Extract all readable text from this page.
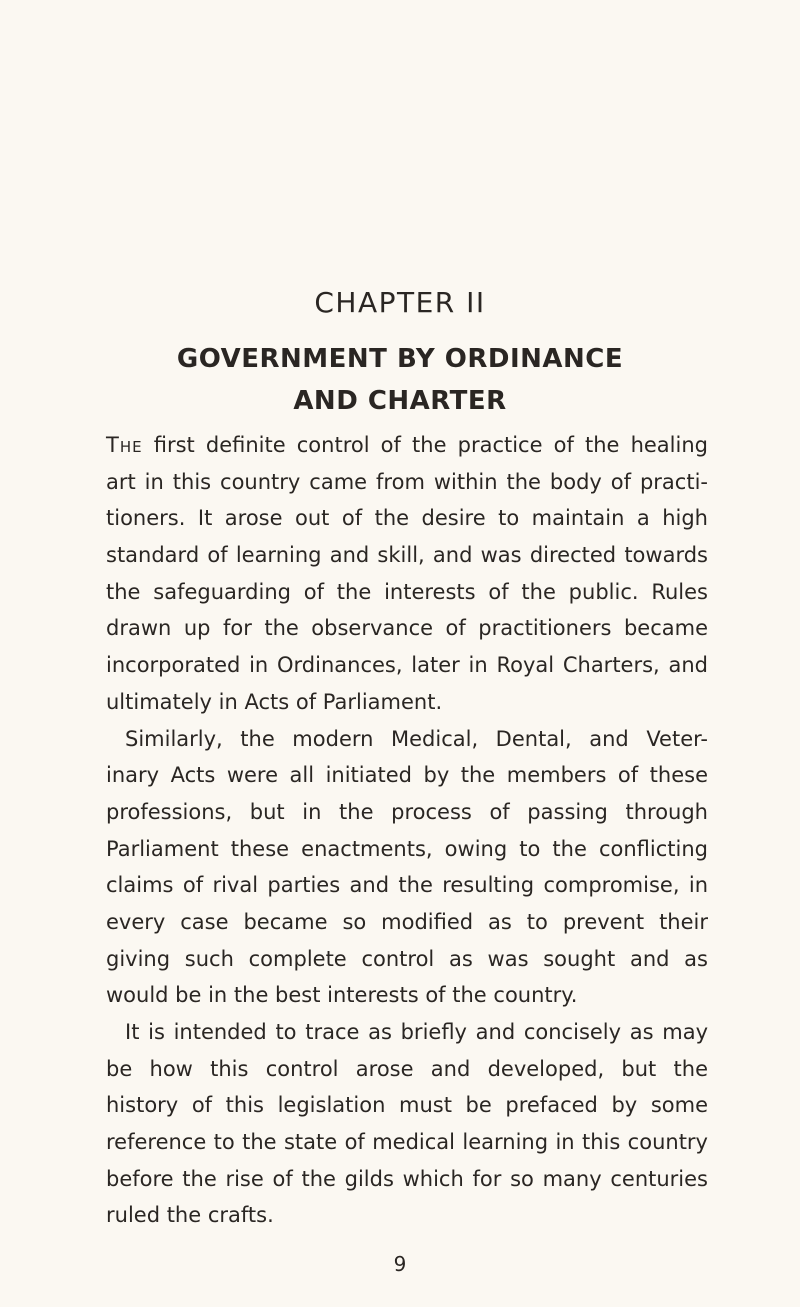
CHAPTER II
GOVERNMENT BY ORDINANCE
AND CHARTER
The first definite control of the practice of the healing
art in this country came from within the body of practi-
tioners. It arose out of the desire to maintain a high
standard of learning and skill, and was directed towards
the safeguarding of the interests of the public. Rules
drawn up for the observance of practitioners became
incorporated in Ordinances, later in Royal Charters, and
ultimately in Acts of Parliament.
Similarly, the modern Medical, Dental, and Veter-
inary Acts were all initiated by the members of these
professions, but in the process of passing through
Parliament these enactments, owing to the conflicting
claims of rival parties and the resulting compromise, in
every case became so modified as to prevent their
giving such complete control as was sought and as
would be in the best interests of the country.
It is intended to trace as briefly and concisely as may
be how this control arose and developed, but the
history of this legislation must be prefaced by some
reference to the state of medical learning in this country
before the rise of the gilds which for so many centuries
ruled the crafts.
9
